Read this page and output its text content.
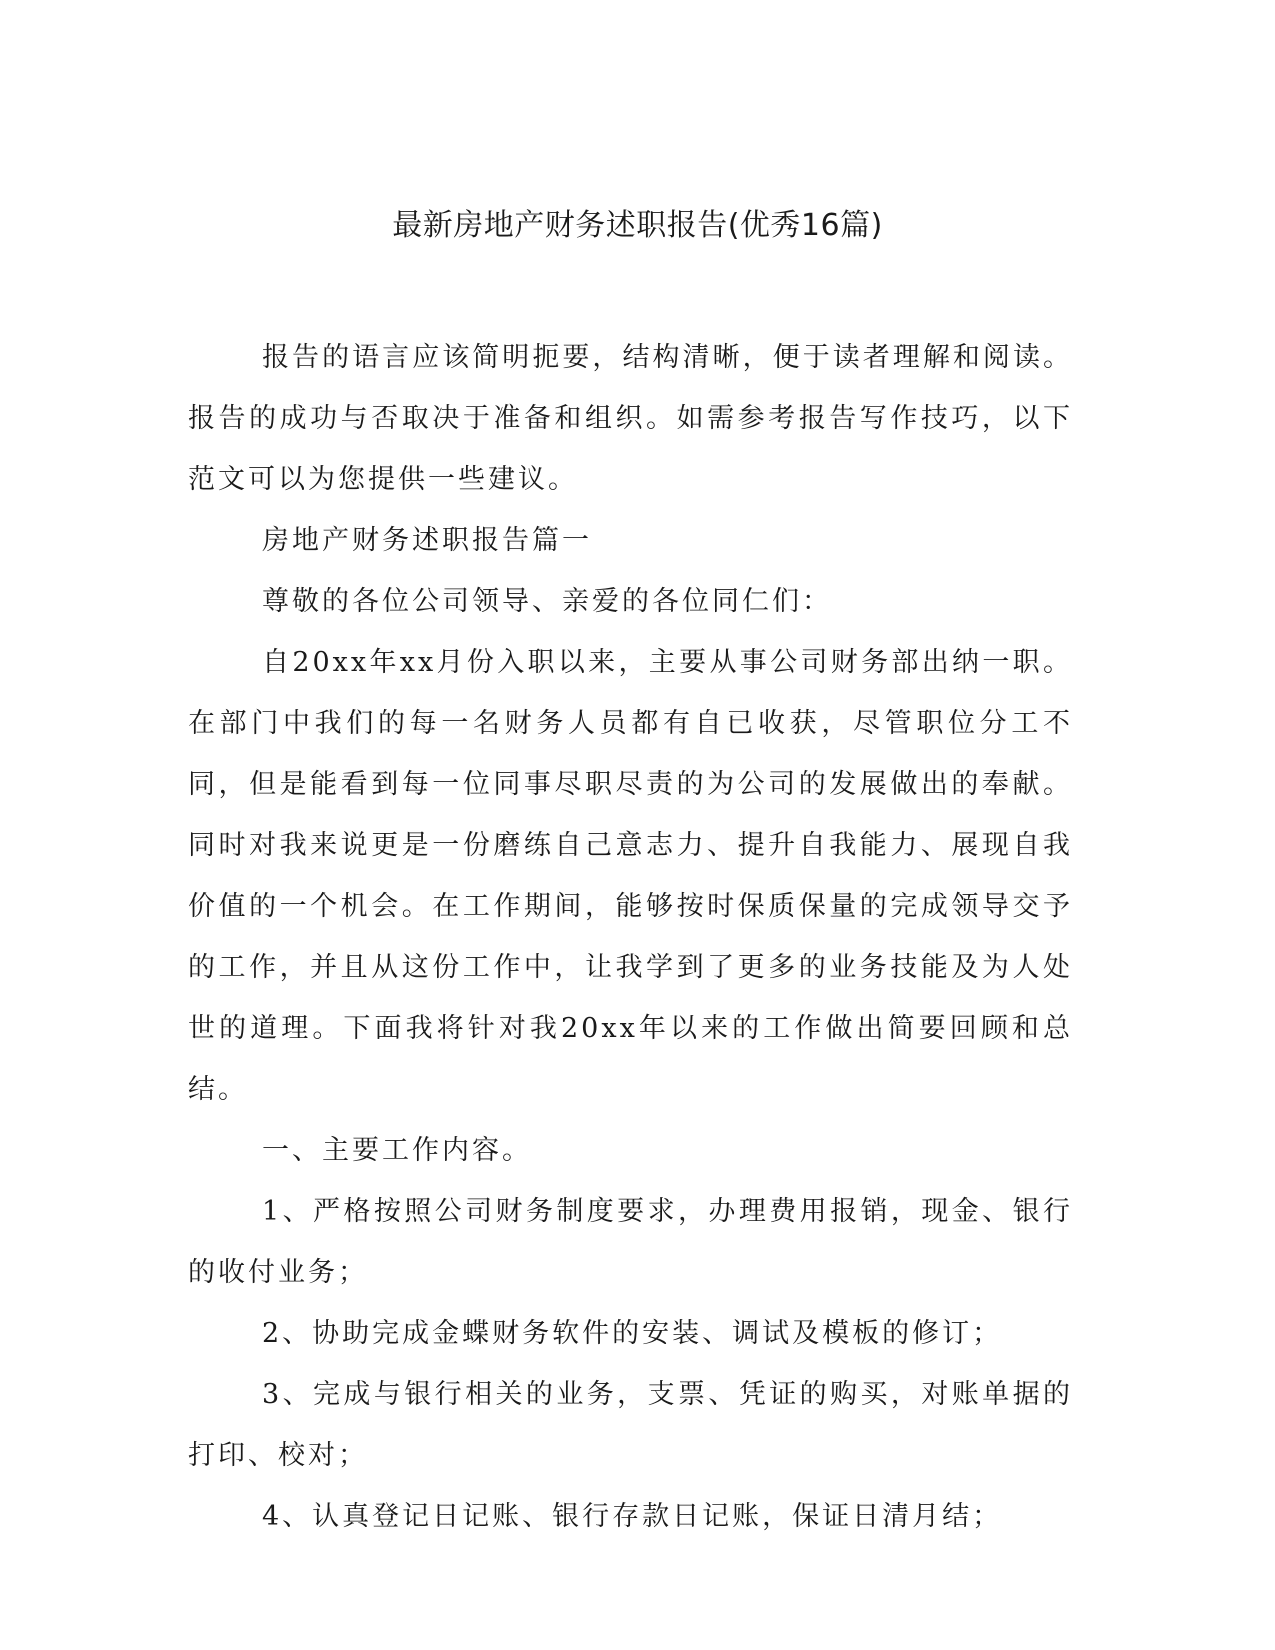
最新房地产财务述职报告(优秀16篇)

报告的语言应该简明扼要，结构清晰，便于读者理解和阅读。报告的成功与否取决于准备和组织。如需参考报告写作技巧，以下范文可以为您提供一些建议。

房地产财务述职报告篇一

尊敬的各位公司领导、亲爱的各位同仁们：

自20xx年xx月份入职以来，主要从事公司财务部出纳一职。在部门中我们的每一名财务人员都有自已收获，尽管职位分工不同，但是能看到每一位同事尽职尽责的为公司的发展做出的奉献。同时对我来说更是一份磨练自己意志力、提升自我能力、展现自我价值的一个机会。在工作期间，能够按时保质保量的完成领导交予的工作，并且从这份工作中，让我学到了更多的业务技能及为人处世的道理。下面我将针对我20xx年以来的工作做出简要回顾和总结。

一、主要工作内容。

1、严格按照公司财务制度要求，办理费用报销，现金、银行的收付业务；

2、协助完成金蝶财务软件的安装、调试及模板的修订；

3、完成与银行相关的业务，支票、凭证的购买，对账单据的打印、校对；

4、认真登记日记账、银行存款日记账，保证日清月结；
